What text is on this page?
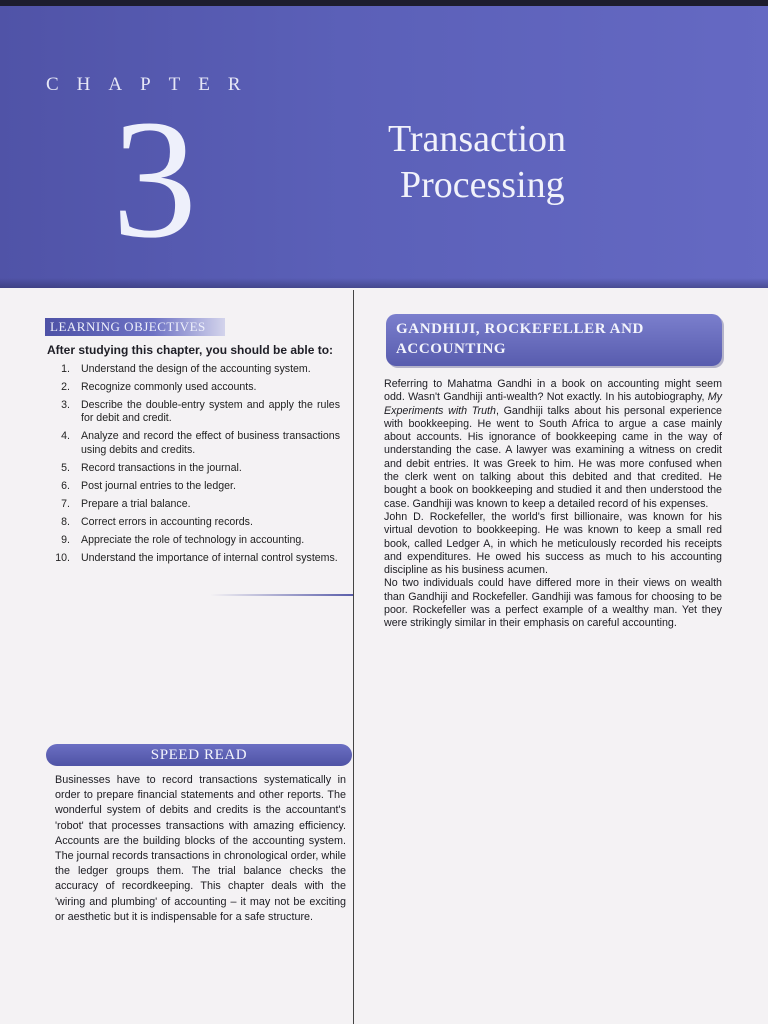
CHAPTER
3	Transaction
Processing
LEARNING OBJECTIVES
After studying this chapter, you should be able to:
1. Understand the design of the accounting system.
2. Recognize commonly used accounts.
3. Describe the double-entry system and apply the rules for debit and credit.
4. Analyze and record the effect of business transactions using debits and credits.
5. Record transactions in the journal.
6. Post journal entries to the ledger.
7. Prepare a trial balance.
8. Correct errors in accounting records.
9. Appreciate the role of technology in accounting.
10. Understand the importance of internal control systems.
SPEED READ

Businesses have to record transactions systematically in order to prepare financial statements and other reports. The wonderful system of debits and credits is the accountant's 'robot' that processes transactions with amazing efficiency. Accounts are the building blocks of the accounting system. The journal records transactions in chronological order, while the ledger groups them. The trial balance checks the accuracy of recordkeeping. This chapter deals with the 'wiring and plumbing' of accounting – it may not be exciting or aesthetic but it is indispensable for a safe structure.

GANDHIJI, ROCKEFELLER AND
ACCOUNTING

Referring to Mahatma Gandhi in a book on accounting might seem odd. Wasn't Gandhiji anti-wealth? Not exactly. In his autobiography, My Experiments with Truth, Gandhiji talks about his personal experience with bookkeeping. He went to South Africa to argue a case mainly about accounts. His ignorance of bookkeeping came in the way of understanding the case. A lawyer was examining a witness on credit and debit entries. It was Greek to him. He was more confused when the clerk went on talking about this debited and that credited. He bought a book on bookkeeping and studied it and then understood the case. Gandhiji was known to keep a detailed record of his expenses.

John D. Rockefeller, the world's first billionaire, was known for his virtual devotion to bookkeeping. He was known to keep a small red book, called Ledger A, in which he meticulously recorded his receipts and expenditures. He owed his success as much to his accounting discipline as his business acumen.

No two individuals could have differed more in their views on wealth than Gandhiji and Rockefeller. Gandhiji was famous for choosing to be poor. Rockefeller was a perfect example of a wealthy man. Yet they were strikingly similar in their emphasis on careful accounting.
